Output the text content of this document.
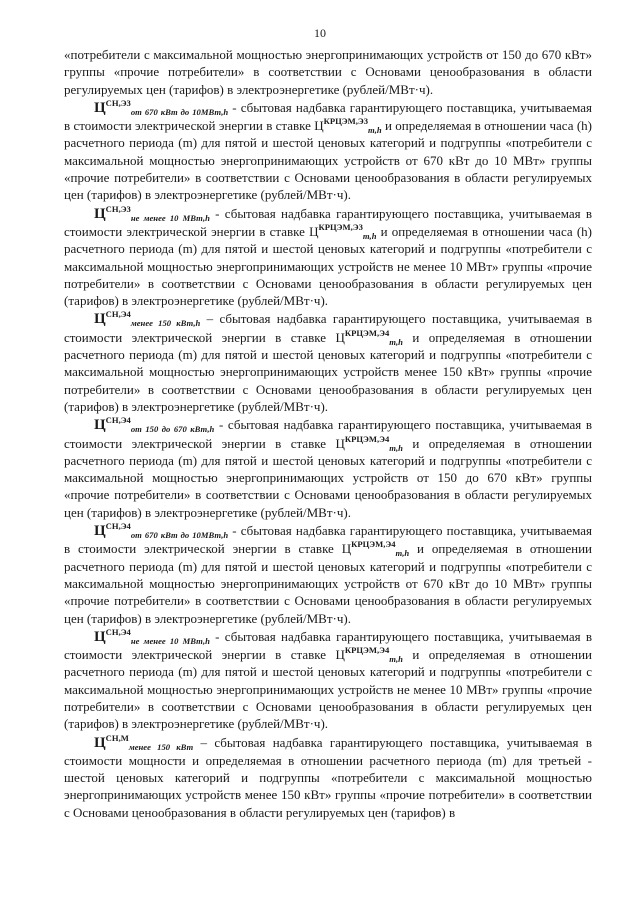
10

«потребители с максимальной мощностью энергопринимающих устройств от 150 до 670 кВт» группы «прочие потребители» в соответствии с Основами ценообразования в области регулируемых цен (тарифов) в электроэнергетике (рублей/МВт·ч).

$Ц^{СН,Э3}_{от 670 кВт до 10МВт,h}$ - сбытовая надбавка гарантирующего поставщика, учитываемая в стоимости электрической энергии в ставке $Ц^{КРЦЭМ,Э3}_{m,h}$ и определяемая в отношении часа (h) расчетного периода (m) для пятой и шестой ценовых категорий и подгруппы «потребители с максимальной мощностью энергопринимающих устройств от 670 кВт до 10 МВт» группы «прочие потребители» в соответствии с Основами ценообразования в области регулируемых цен (тарифов) в электроэнергетике (рублей/МВт·ч).

$Ц^{СН,Э3}_{не менее 10 МВт,h}$ - сбытовая надбавка гарантирующего поставщика, учитываемая в стоимости электрической энергии в ставке $Ц^{КРЦЭМ,Э3}_{m,h}$ и определяемая в отношении часа (h) расчетного периода (m) для пятой и шестой ценовых категорий и подгруппы «потребители с максимальной мощностью энергопринимающих устройств не менее 10 МВт» группы «прочие потребители» в соответствии с Основами ценообразования в области регулируемых цен (тарифов) в электроэнергетике (рублей/МВт·ч).

$Ц^{СН,Э4}_{менее 150 кВт,h}$ – сбытовая надбавка гарантирующего поставщика, учитываемая в стоимости электрической энергии в ставке $Ц^{КРЦЭМ,Э4}_{m,h}$ и определяемая в отношении расчетного периода (m) для пятой и шестой ценовых категорий и подгруппы «потребители с максимальной мощностью энергопринимающих устройств менее 150 кВт» группы «прочие потребители» в соответствии с Основами ценообразования в области регулируемых цен (тарифов) в электроэнергетике (рублей/МВт·ч).

$Ц^{СН,Э4}_{от 150 до 670 кВт,h}$ - сбытовая надбавка гарантирующего поставщика, учитываемая в стоимости электрической энергии в ставке $Ц^{КРЦЭМ,Э4}_{m,h}$ и определяемая в отношении расчетного периода (m) для пятой и шестой ценовых категорий и подгруппы «потребители с максимальной мощностью энергопринимающих устройств от 150 до 670 кВт» группы «прочие потребители» в соответствии с Основами ценообразования в области регулируемых цен (тарифов) в электроэнергетике (рублей/МВт·ч).

$Ц^{СН,Э4}_{от 670 кВт до 10МВт,h}$ - сбытовая надбавка гарантирующего поставщика, учитываемая в стоимости электрической энергии в ставке $Ц^{КРЦЭМ,Э4}_{m,h}$ и определяемая в отношении расчетного периода (m) для пятой и шестой ценовых категорий и подгруппы «потребители с максимальной мощностью энергопринимающих устройств от 670 кВт до 10 МВт» группы «прочие потребители» в соответствии с Основами ценообразования в области регулируемых цен (тарифов) в электроэнергетике (рублей/МВт·ч).

$Ц^{СН,Э4}_{не менее 10 МВт,h}$ - сбытовая надбавка гарантирующего поставщика, учитываемая в стоимости электрической энергии в ставке $Ц^{КРЦЭМ,Э4}_{m,h}$ и определяемая в отношении расчетного периода (m) для пятой и шестой ценовых категорий и подгруппы «потребители с максимальной мощностью энергопринимающих устройств не менее 10 МВт» группы «прочие потребители» в соответствии с Основами ценообразования в области регулируемых цен (тарифов) в электроэнергетике (рублей/МВт·ч).

$Ц^{СН,М}_{менее 150 кВт}$ – сбытовая надбавка гарантирующего поставщика, учитываемая в стоимости мощности и определяемая в отношении расчетного периода (m) для третьей - шестой ценовых категорий и подгруппы «потребители с максимальной мощностью энергопринимающих устройств менее 150 кВт» группы «прочие потребители» в соответствии с Основами ценообразования в области регулируемых цен (тарифов) в
